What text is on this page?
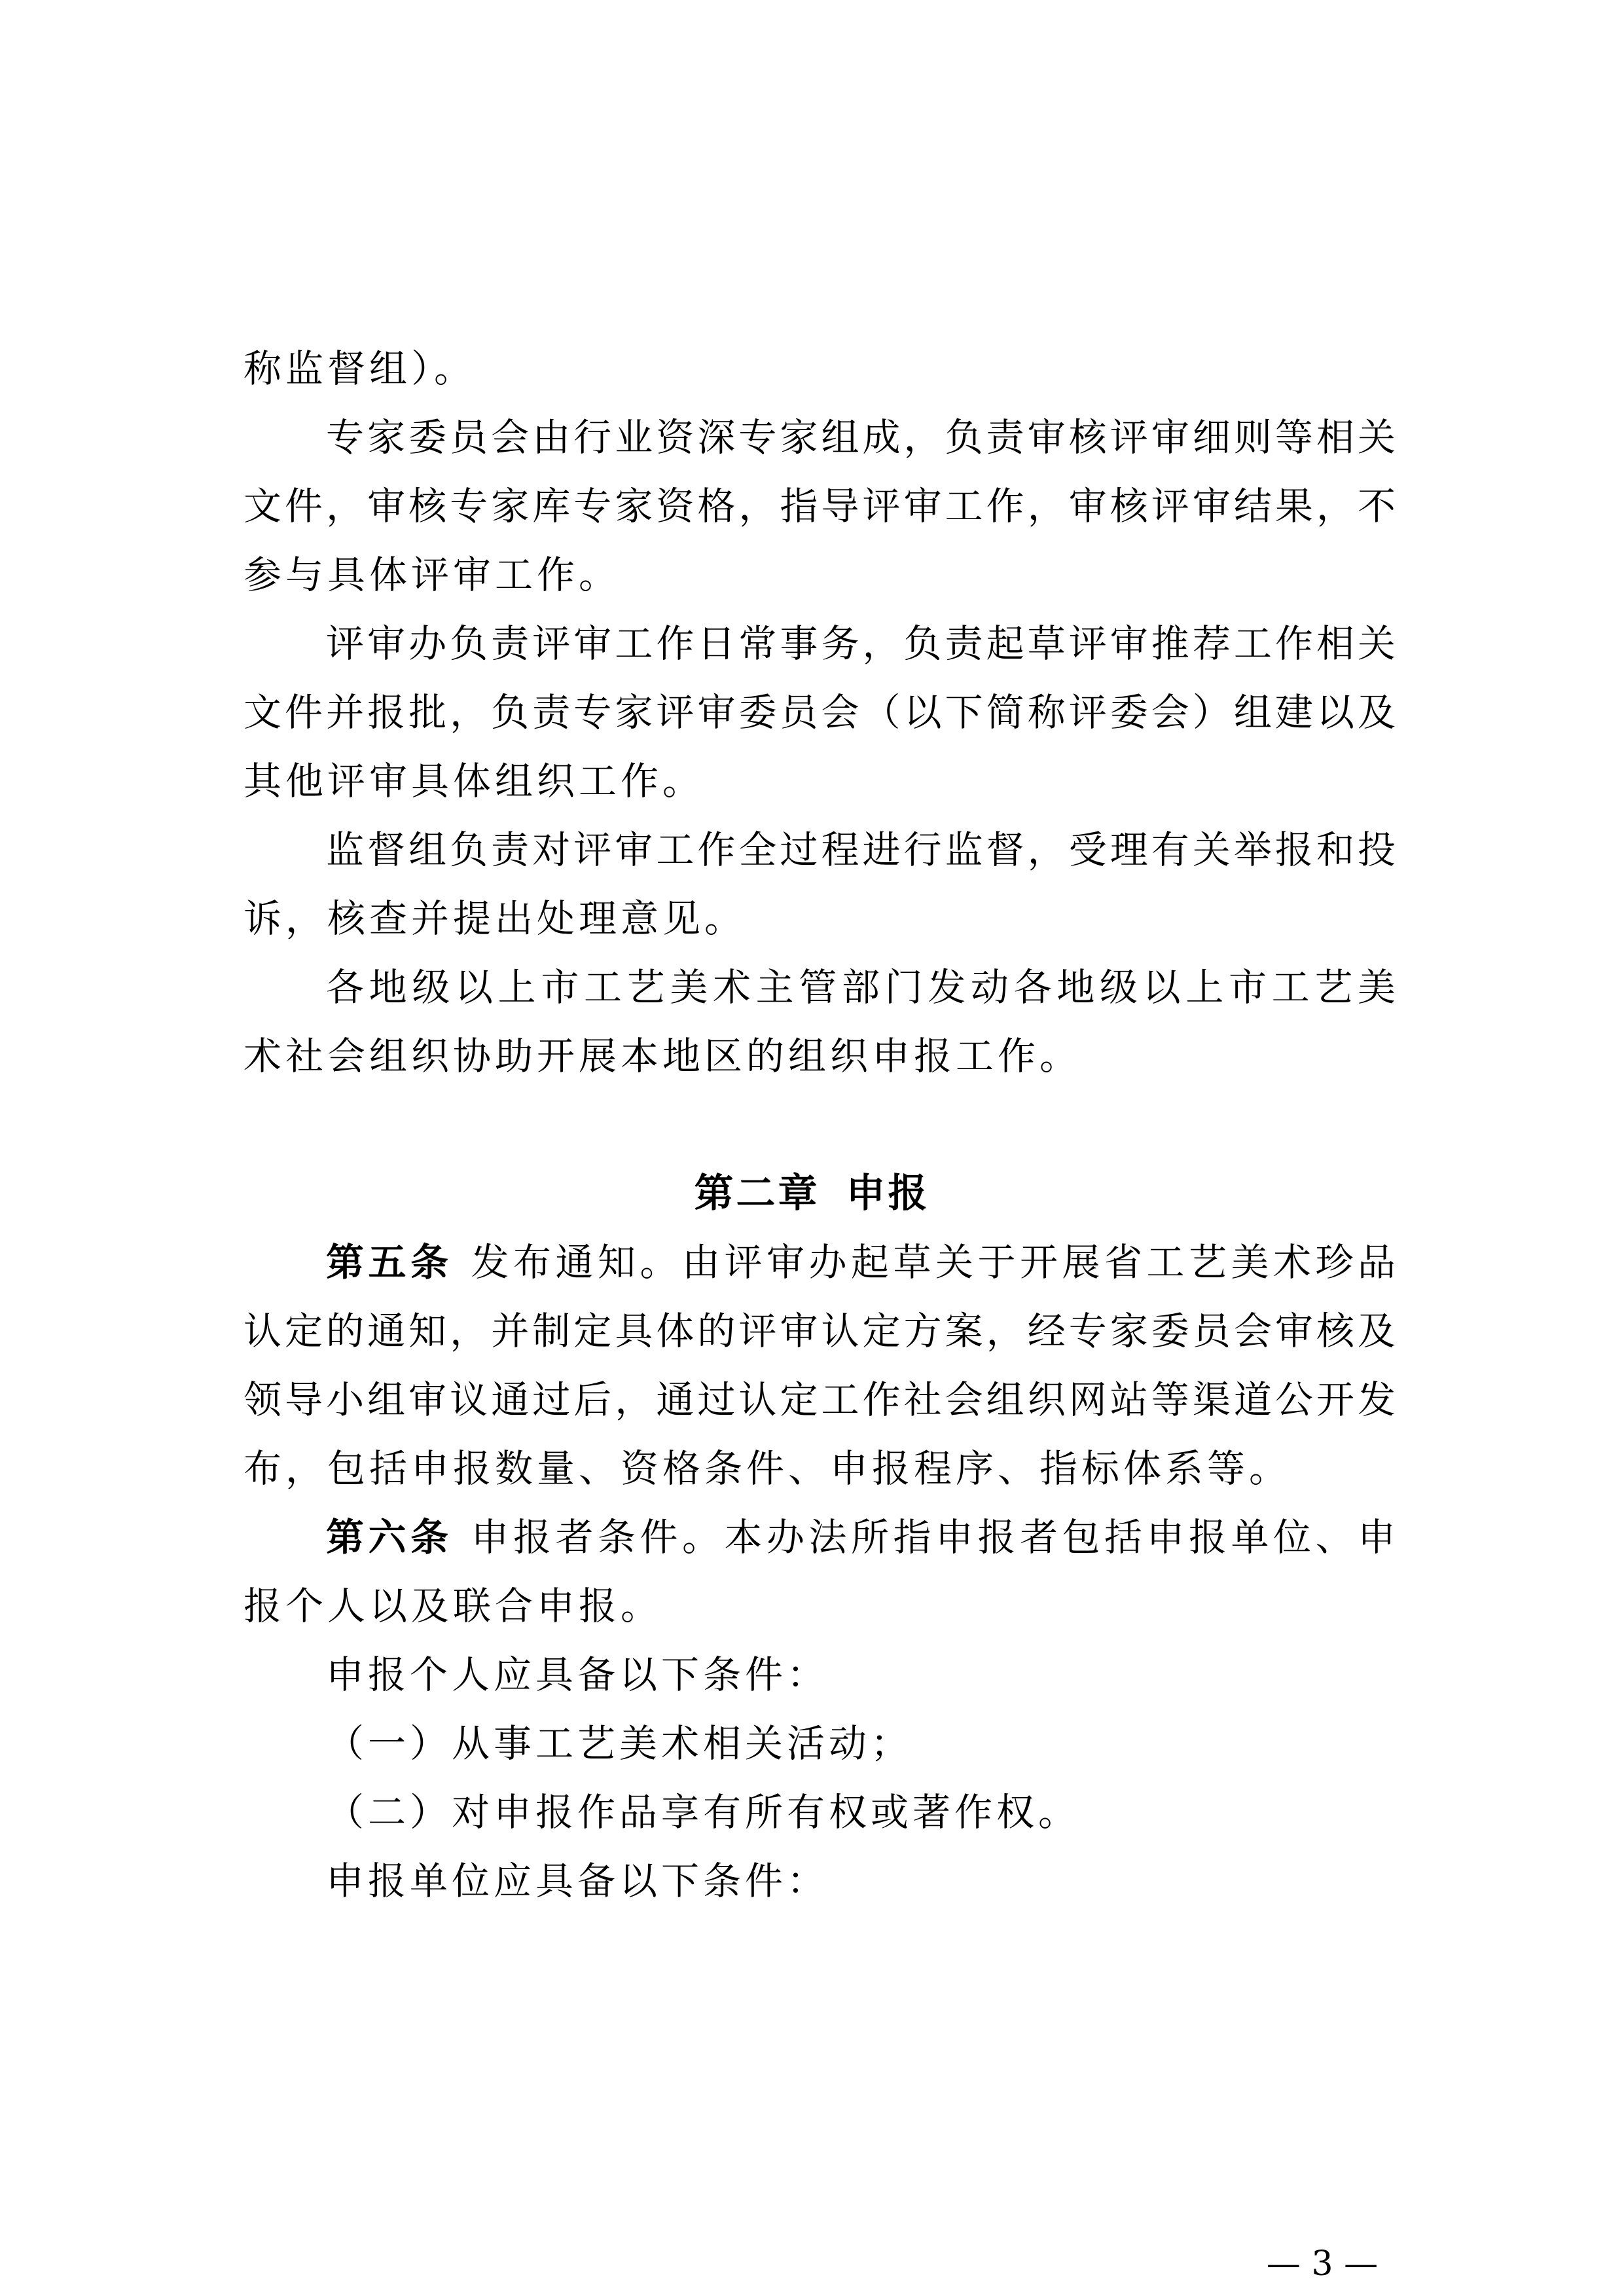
称监督组）。
专家委员会由行业资深专家组成，负责审核评审细则等相关
文件，审核专家库专家资格，指导评审工作，审核评审结果，不
参与具体评审工作。
评审办负责评审工作日常事务，负责起草评审推荐工作相关
文件并报批，负责专家评审委员会（以下简称评委会）组建以及
其他评审具体组织工作。
监督组负责对评审工作全过程进行监督，受理有关举报和投
诉，核查并提出处理意见。
各地级以上市工艺美术主管部门发动各地级以上市工艺美
术社会组织协助开展本地区的组织申报工作。
第二章 申报
第五条 发布通知。由评审办起草关于开展省工艺美术珍品
认定的通知，并制定具体的评审认定方案，经专家委员会审核及
领导小组审议通过后，通过认定工作社会组织网站等渠道公开发
布，包括申报数量、资格条件、申报程序、指标体系等。
第六条 申报者条件。本办法所指申报者包括申报单位、申
报个人以及联合申报。
申报个人应具备以下条件：
（一）从事工艺美术相关活动；
（二）对申报作品享有所有权或著作权。
申报单位应具备以下条件：
— 3 —
